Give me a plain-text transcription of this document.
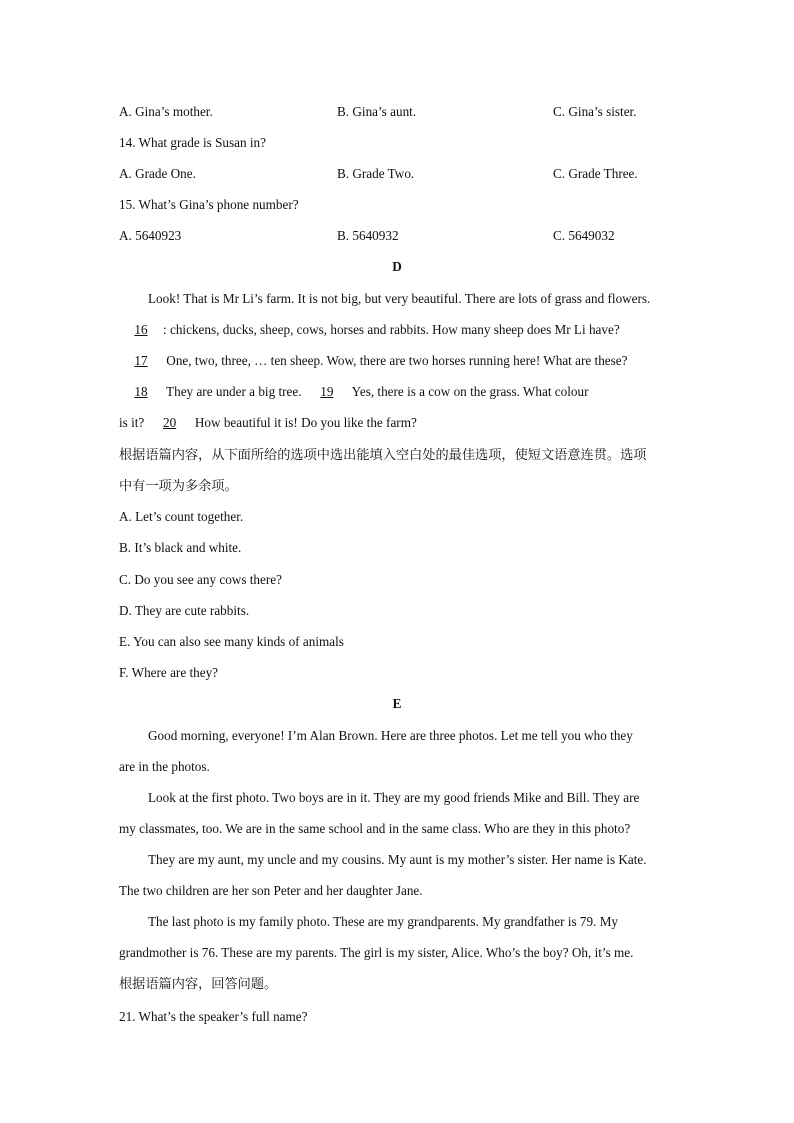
A. Gina’s mother.	B. Gina’s aunt.	C. Gina’s sister.
14. What grade is Susan in?
A. Grade One.	B. Grade Two.	C. Grade Three.
15. What’s Gina’s phone number?
A. 5640923	B. 5640932	C. 5649032
D
Look! That is Mr Li’s farm. It is not big, but very beautiful. There are lots of grass and flowers.
16 : chickens, ducks, sheep, cows, horses and rabbits. How many sheep does Mr Li have?
17 One, two, three, … ten sheep. Wow, there are two horses running here! What are these?
18 They are under a big tree. 19 Yes, there is a cow on the grass. What colour
is it? 20 How beautiful it is! Do you like the farm?
根据语篇内容，从下面所给的选项中选出能填入空白处的最佳选项，使短文语意连贯。选项
中有一项为多余项。
A. Let’s count together.
B. It’s black and white.
C. Do you see any cows there?
D. They are cute rabbits.
E. You can also see many kinds of animals
F. Where are they?
E
Good morning, everyone! I’m Alan Brown. Here are three photos. Let me tell you who they
are in the photos.
Look at the first photo. Two boys are in it. They are my good friends Mike and Bill. They are
my classmates, too. We are in the same school and in the same class. Who are they in this photo?
They are my aunt, my uncle and my cousins. My aunt is my mother’s sister. Her name is Kate.
The two children are her son Peter and her daughter Jane.
The last photo is my family photo. These are my grandparents. My grandfather is 79. My
grandmother is 76. These are my parents. The girl is my sister, Alice. Who’s the boy? Oh, it’s me.
根据语篇内容，回答问题。
21. What’s the speaker’s full name?
